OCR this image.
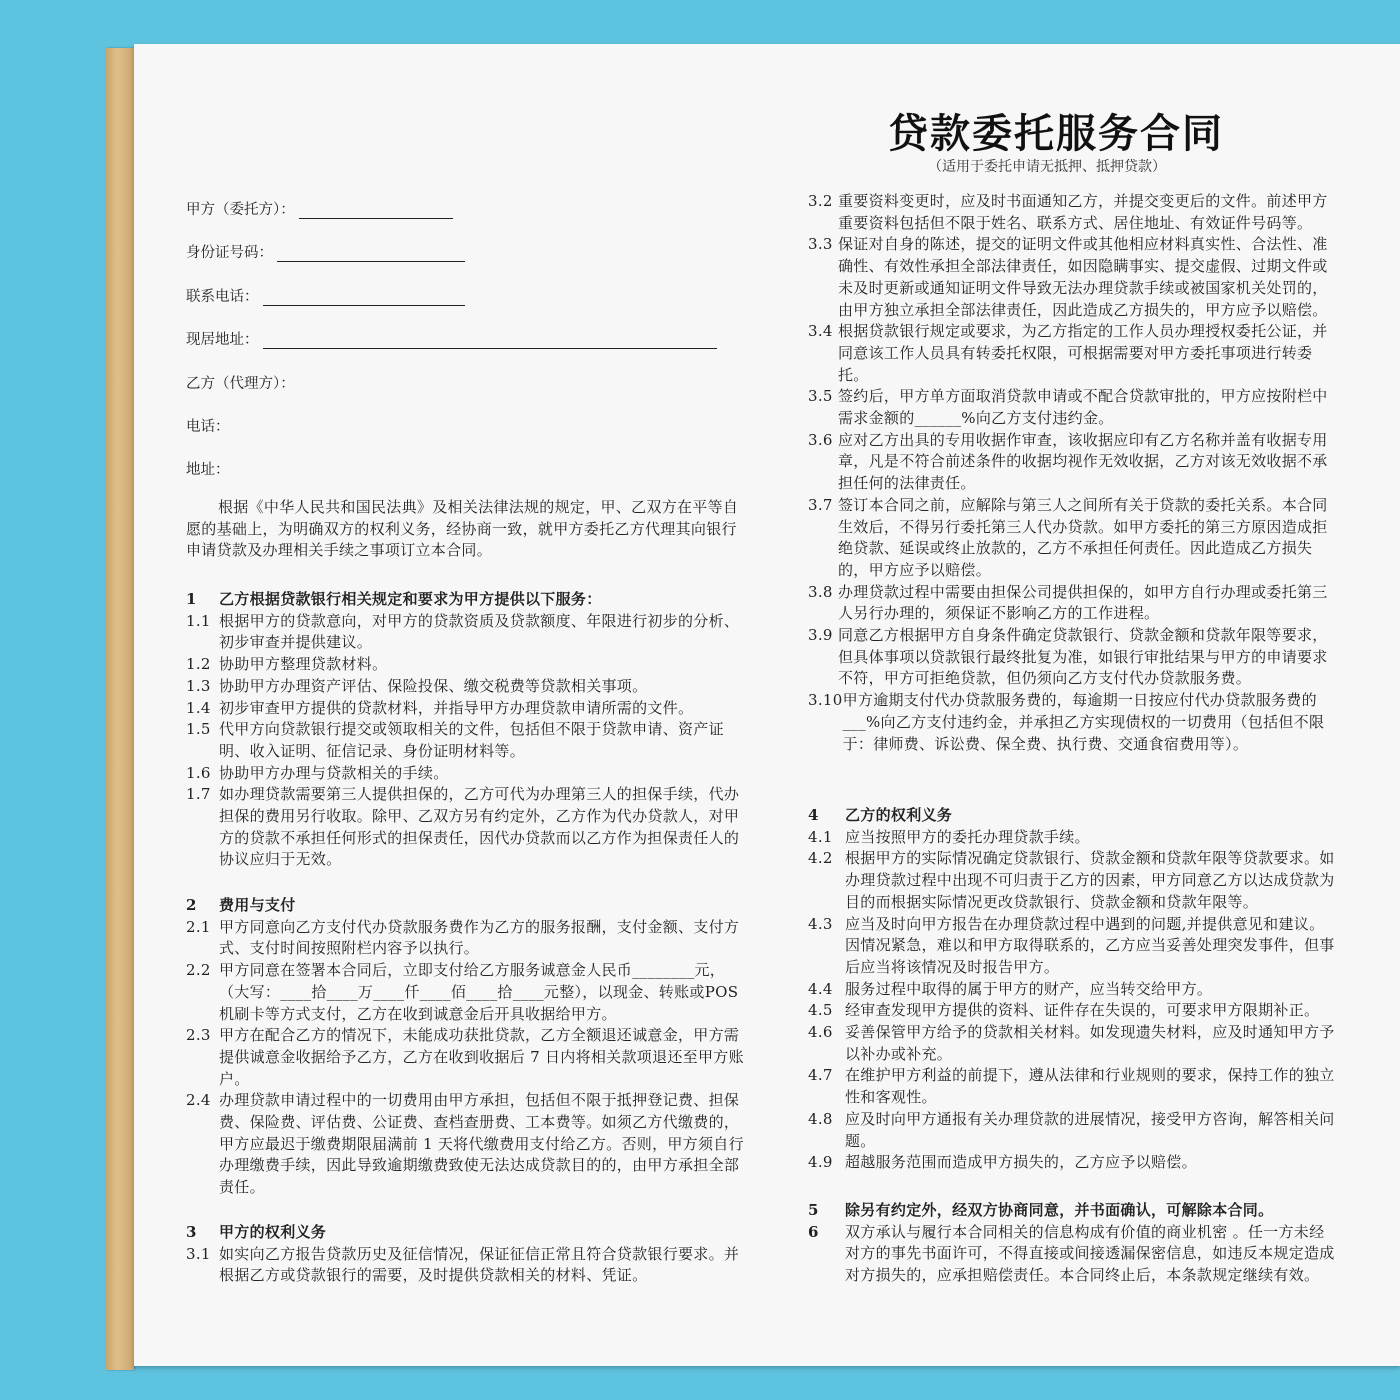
贷款委托服务合同
（适用于委托申请无抵押、抵押贷款）
甲方（委托方）：
身份证号码：
联系电话：
现居地址：
乙方（代理方）：
电话：
地址：
根据《中华人民共和国民法典》及相关法律法规的规定，甲、乙双方在平等自愿的基础上，为明确双方的权利义务，经协商一致，就甲方委托乙方代理其向银行申请贷款及办理相关手续之事项订立本合同。
1	乙方根据贷款银行相关规定和要求为甲方提供以下服务：
1.1 根据甲方的贷款意向，对甲方的贷款资质及贷款额度、年限进行初步的分析、初步审查并提供建议。
1.2 协助甲方整理贷款材料。
1.3 协助甲方办理资产评估、保险投保、缴交税费等贷款相关事项。
1.4 初步审查甲方提供的贷款材料，并指导甲方办理贷款申请所需的文件。
1.5 代甲方向贷款银行提交或领取相关的文件，包括但不限于贷款申请、资产证明、收入证明、征信记录、身份证明材料等。
1.6 协助甲方办理与贷款相关的手续。
1.7 如办理贷款需要第三人提供担保的，乙方可代为办理第三人的担保手续，代办担保的费用另行收取。除甲、乙双方另有约定外，乙方作为代办贷款人，对甲方的贷款不承担任何形式的担保责任，因代办贷款而以乙方作为担保责任人的协议应归于无效。
2	费用与支付
2.1 甲方同意向乙方支付代办贷款服务费作为乙方的服务报酬，支付金额、支付方式、支付时间按照附栏内容予以执行。
2.2 甲方同意在签署本合同后，立即支付给乙方服务诚意金人民币________元，（大写：____拾____万____仟____佰____拾____元整），以现金、转账或POS 机刷卡等方式支付，乙方在收到诚意金后开具收据给甲方。
2.3 甲方在配合乙方的情况下，未能成功获批贷款，乙方全额退还诚意金，甲方需提供诚意金收据给予乙方，乙方在收到收据后 7 日内将相关款项退还至甲方账户。
2.4 办理贷款申请过程中的一切费用由甲方承担，包括但不限于抵押登记费、担保费、保险费、评估费、公证费、查档查册费、工本费等。如须乙方代缴费的，甲方应最迟于缴费期限届满前 1 天将代缴费用支付给乙方。否则，甲方须自行办理缴费手续，因此导致逾期缴费致使无法达成贷款目的的，由甲方承担全部责任。
3	甲方的权利义务
3.1 如实向乙方报告贷款历史及征信情况，保证征信正常且符合贷款银行要求。并根据乙方或贷款银行的需要，及时提供贷款相关的材料、凭证。
3.2 重要资料变更时，应及时书面通知乙方，并提交变更后的文件。前述甲方重要资料包括但不限于姓名、联系方式、居住地址、有效证件号码等。
3.3 保证对自身的陈述，提交的证明文件或其他相应材料真实性、合法性、准确性、有效性承担全部法律责任，如因隐瞒事实、提交虚假、过期文件或未及时更新或通知证明文件导致无法办理贷款手续或被国家机关处罚的，由甲方独立承担全部法律责任，因此造成乙方损失的，甲方应予以赔偿。
3.4 根据贷款银行规定或要求，为乙方指定的工作人员办理授权委托公证，并同意该工作人员具有转委托权限，可根据需要对甲方委托事项进行转委托。
3.5 签约后，甲方单方面取消贷款申请或不配合贷款审批的，甲方应按附栏中需求金额的______%向乙方支付违约金。
3.6 应对乙方出具的专用收据作审查，该收据应印有乙方名称并盖有收据专用章，凡是不符合前述条件的收据均视作无效收据，乙方对该无效收据不承担任何的法律责任。
3.7 签订本合同之前，应解除与第三人之间所有关于贷款的委托关系。本合同生效后，不得另行委托第三人代办贷款。如甲方委托的第三方原因造成拒绝贷款、延误或终止放款的，乙方不承担任何责任。因此造成乙方损失的，甲方应予以赔偿。
3.8 办理贷款过程中需要由担保公司提供担保的，如甲方自行办理或委托第三人另行办理的，须保证不影响乙方的工作进程。
3.9 同意乙方根据甲方自身条件确定贷款银行、贷款金额和贷款年限等要求，但具体事项以贷款银行最终批复为准，如银行审批结果与甲方的申请要求不符，甲方可拒绝贷款，但仍须向乙方支付代办贷款服务费。
3.10 甲方逾期支付代办贷款服务费的，每逾期一日按应付代办贷款服务费的___%向乙方支付违约金，并承担乙方实现债权的一切费用（包括但不限于：律师费、诉讼费、保全费、执行费、交通食宿费用等）。
4	乙方的权利义务
4.1 应当按照甲方的委托办理贷款手续。
4.2 根据甲方的实际情况确定贷款银行、贷款金额和贷款年限等贷款要求。如办理贷款过程中出现不可归责于乙方的因素，甲方同意乙方以达成贷款为目的而根据实际情况更改贷款银行、贷款金额和贷款年限等。
4.3 应当及时向甲方报告在办理贷款过程中遇到的问题,并提供意见和建议。因情况紧急，难以和甲方取得联系的，乙方应当妥善处理突发事件，但事后应当将该情况及时报告甲方。
4.4 服务过程中取得的属于甲方的财产，应当转交给甲方。
4.5 经审查发现甲方提供的资料、证件存在失误的，可要求甲方限期补正。
4.6 妥善保管甲方给予的贷款相关材料。如发现遗失材料，应及时通知甲方予以补办或补充。
4.7 在维护甲方利益的前提下，遵从法律和行业规则的要求，保持工作的独立性和客观性。
4.8 应及时向甲方通报有关办理贷款的进展情况，接受甲方咨询，解答相关问题。
4.9 超越服务范围而造成甲方损失的，乙方应予以赔偿。
5	除另有约定外，经双方协商同意，并书面确认，可解除本合同。
6	双方承认与履行本合同相关的信息构成有价值的商业机密 。任一方未经对方的事先书面许可，不得直接或间接透漏保密信息，如违反本规定造成对方损失的，应承担赔偿责任。本合同终止后，本条款规定继续有效。
